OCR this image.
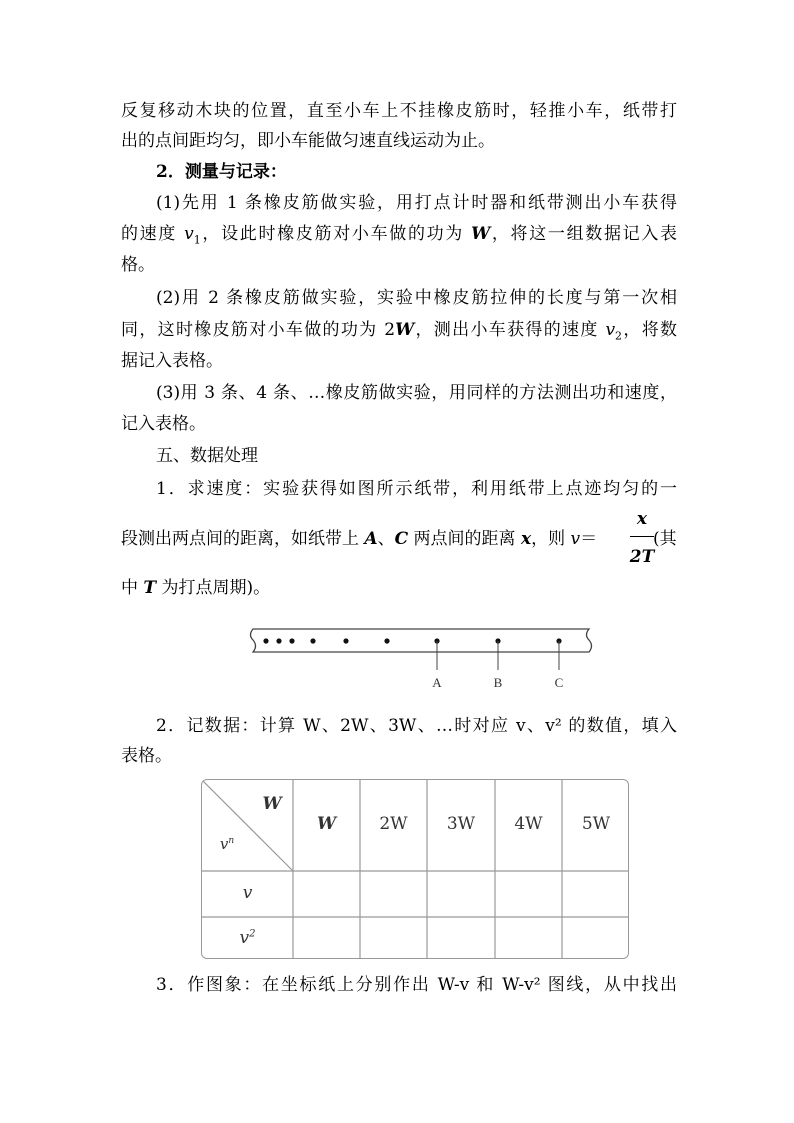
反复移动木块的位置，直至小车上不挂橡皮筋时，轻推小车，纸带打
出的点间距均匀，即小车能做匀速直线运动为止。
2．测量与记录：
(1)先用 1 条橡皮筋做实验，用打点计时器和纸带测出小车获得
的速度 $v_1$，设此时橡皮筋对小车做的功为 W，将这一组数据记入表
格。
(2)用 2 条橡皮筋做实验，实验中橡皮筋拉伸的长度与第一次相
同，这时橡皮筋对小车做的功为 2W，测出小车获得的速度 $v_2$，将数
据记入表格。
(3)用 3 条、4 条、…橡皮筋做实验，用同样的方法测出功和速度，
记入表格。
五、数据处理
1．求速度：实验获得如图所示纸带，利用纸带上点迹均匀的一
段测出两点间的距离，如纸带上 A、C 两点间的距离 x，则 v＝
x
2T
(其
中 T 为打点周期)。
A	B	C
2．记数据：计算 W、2W、3W、…时对应 v、v² 的数值，填入
表格。
W
$v^n$
W	2W	3W	4W	5W
v
$v^2$
3．作图象：在坐标纸上分别作出 W-v 和 W-v² 图线，从中找出
